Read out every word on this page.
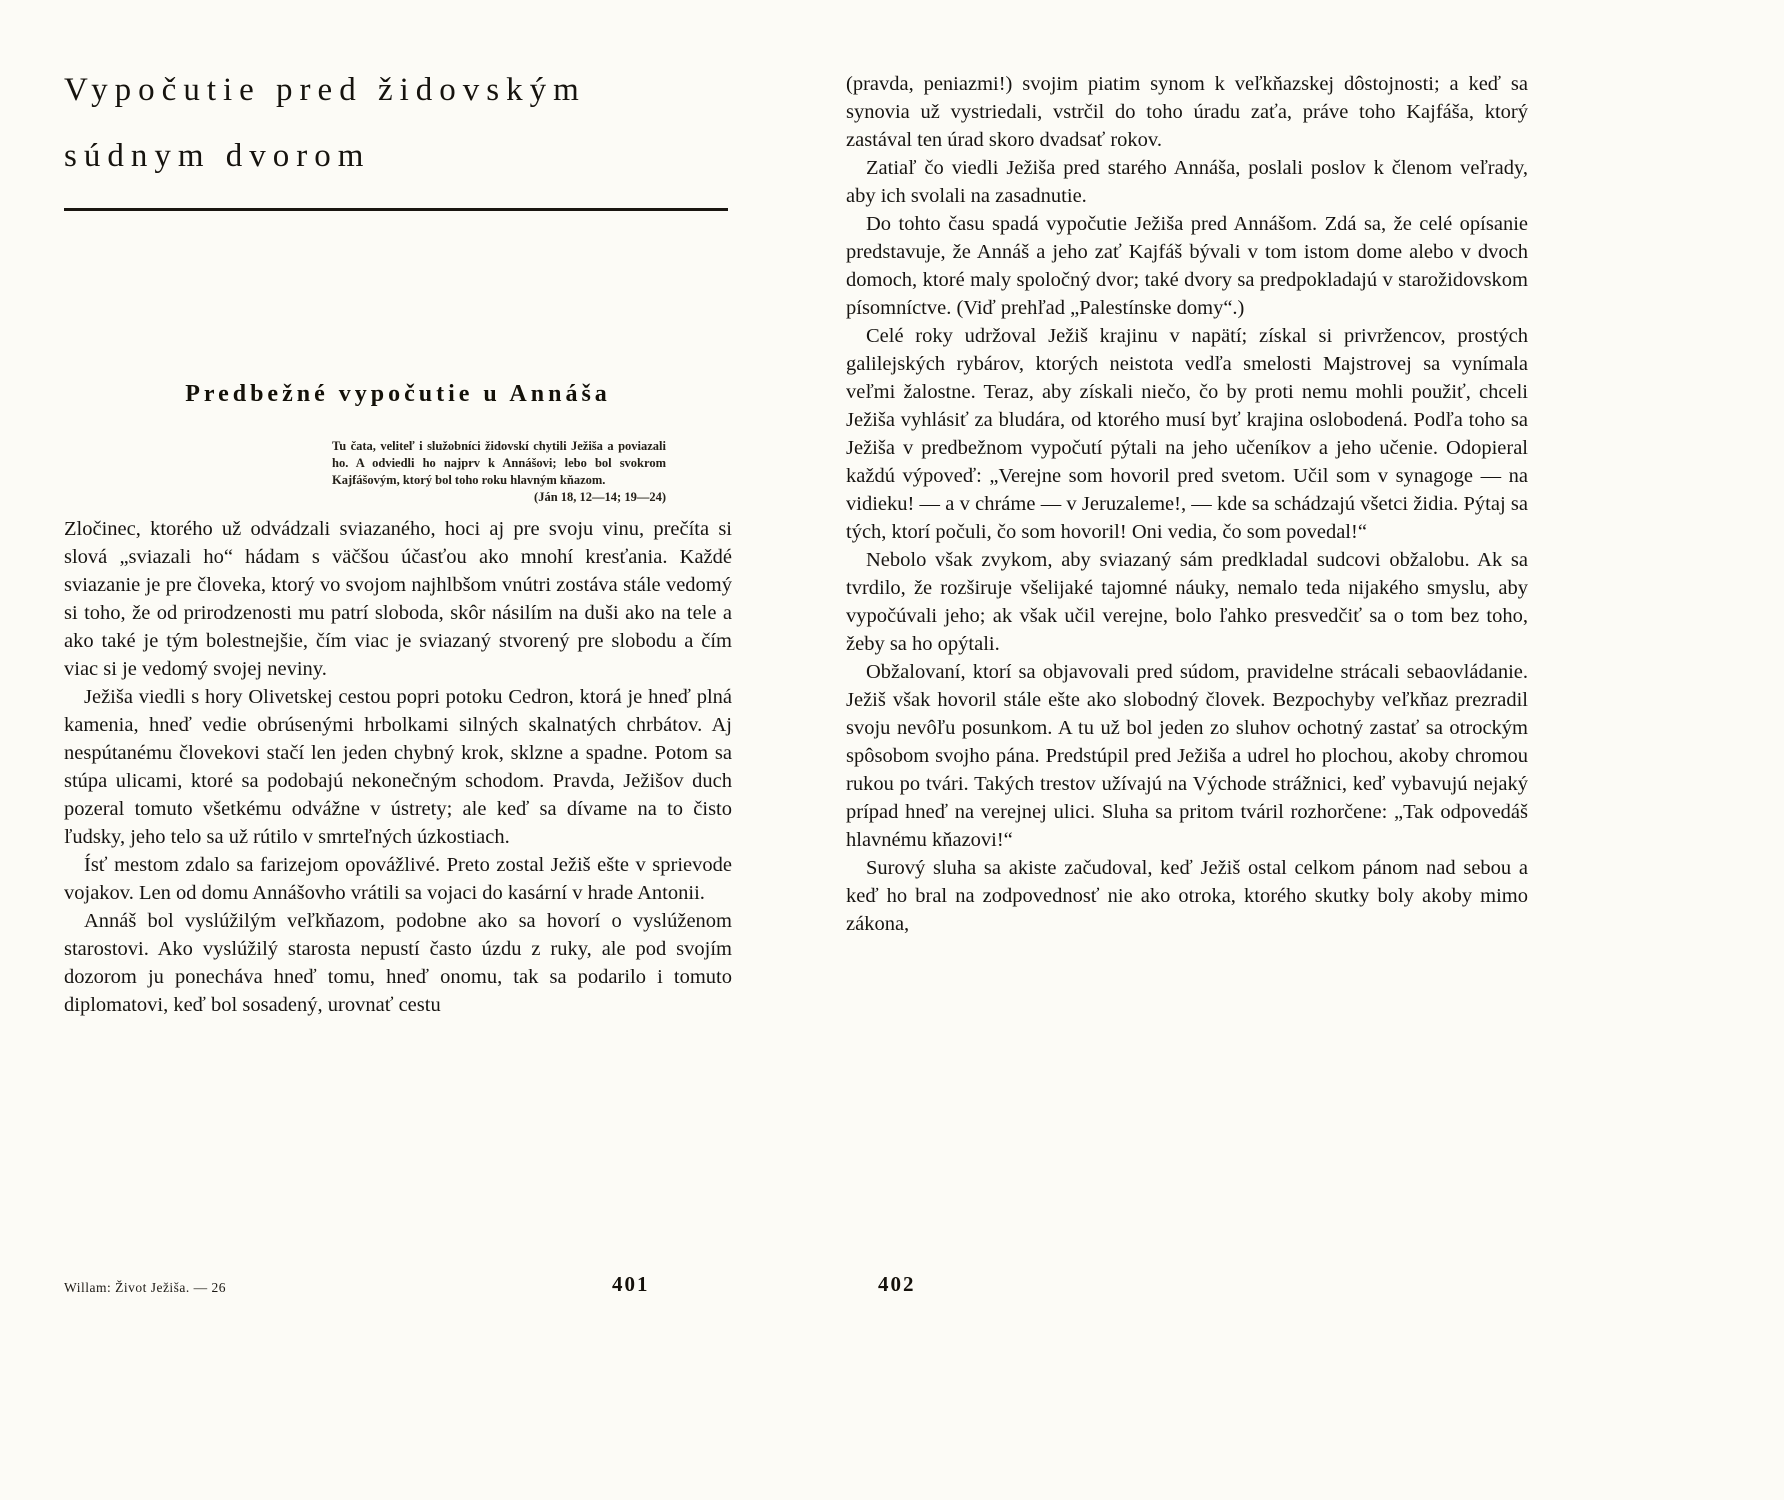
Vypočutie pred židovským
súdnym dvorom
Predbežné vypočutie u Annáša
Tu čata, veliteľ i služobníci židovskí chytili Ježiša a poviazali ho. A odviedli ho najprv k Annášovi; lebo bol svokrom Kajfášovým, ktorý bol toho roku hlavným kňazom.
(Ján 18, 12—14; 19—24)

Zločinec, ktorého už odvádzali sviazaného, hoci aj pre svoju vinu, prečíta si slová „sviazali ho“ hádam s väčšou účasťou ako mnohí kresťania. Každé sviazanie je pre človeka, ktorý vo svojom najhlbšom vnútri zostáva stále vedomý si toho, že od prirodzenosti mu patrí sloboda, skôr násilím na duši ako na tele a ako také je tým bolestnejšie, čím viac je sviazaný stvorený pre slobodu a čím viac si je vedomý svojej neviny.

Ježiša viedli s hory Olivetskej cestou popri potoku Cedron, ktorá je hneď plná kamenia, hneď vedie obrúsenými hrbolkami silných skalnatých chrbátov. Aj nespútanému človekovi stačí len jeden chybný krok, sklzne a spadne. Potom sa stúpa ulicami, ktoré sa podobajú nekonečným schodom. Pravda, Ježišov duch pozeral tomuto všetkému odvážne v ústrety; ale keď sa dívame na to čisto ľudsky, jeho telo sa už rútilo v smrteľných úzkostiach.

Ísť mestom zdalo sa farizejom opovážlivé. Preto zostal Ježiš ešte v sprievode vojakov. Len od domu Annášovho vrátili sa vojaci do kasární v hrade Antonii.

Annáš bol vyslúžilým veľkňazom, podobne ako sa hovorí o vyslúženom starostovi. Ako vyslúžilý starosta nepustí často úzdu z ruky, ale pod svojím dozorom ju ponecháva hneď tomu, hneď onomu, tak sa podarilo i tomuto diplomatovi, keď bol sosadený, urovnať cestu

(pravda, peniazmi!) svojim piatim synom k veľkňazskej dôstojnosti; a keď sa synovia už vystriedali, vstrčil do toho úradu zaťa, práve toho Kajfáša, ktorý zastával ten úrad skoro dvadsať rokov.

Zatiaľ čo viedli Ježiša pred starého Annáša, poslali poslov k členom veľrady, aby ich svolali na zasadnutie.

Do tohto času spadá vypočutie Ježiša pred Annášom. Zdá sa, že celé opísanie predstavuje, že Annáš a jeho zať Kajfáš bývali v tom istom dome alebo v dvoch domoch, ktoré maly spoločný dvor; také dvory sa predpokladajú v starožidovskom písomníctve. (Viď prehľad „Palestínske domy“.)

Celé roky udržoval Ježiš krajinu v napätí; získal si privržencov, prostých galilejských rybárov, ktorých neistota vedľa smelosti Majstrovej sa vynímala veľmi žalostne. Teraz, aby získali niečo, čo by proti nemu mohli použiť, chceli Ježiša vyhlásiť za bludára, od ktorého musí byť krajina oslobodená. Podľa toho sa Ježiša v predbežnom vypočutí pýtali na jeho učeníkov a jeho učenie. Odopieral každú výpoveď: „Verejne som hovoril pred svetom. Učil som v synagoge — na vidieku! — a v chráme — v Jeruzaleme!, — kde sa schádzajú všetci židia. Pýtaj sa tých, ktorí počuli, čo som hovoril! Oni vedia, čo som povedal!“

Nebolo však zvykom, aby sviazaný sám predkladal sudcovi obžalobu. Ak sa tvrdilo, že rozširuje všelijaké tajomné náuky, nemalo teda nijakého smyslu, aby vypočúvali jeho; ak však učil verejne, bolo ľahko presvedčiť sa o tom bez toho, žeby sa ho opýtali.

Obžalovaní, ktorí sa objavovali pred súdom, pravidelne strácali sebaovládanie. Ježiš však hovoril stále ešte ako slobodný človek. Bezpochyby veľkňaz prezradil svoju nevôľu posunkom. A tu už bol jeden zo sluhov ochotný zastať sa otrockým spôsobom svojho pána. Predstúpil pred Ježiša a udrel ho plochou, akoby chromou rukou po tvári. Takých trestov užívajú na Východe strážnici, keď vybavujú nejaký prípad hneď na verejnej ulici. Sluha sa pritom tváril rozhorčene: „Tak odpovedáš hlavnému kňazovi!“

Surový sluha sa akiste začudoval, keď Ježiš ostal celkom pánom nad sebou a keď ho bral na zodpovednosť nie ako otroka, ktorého skutky boly akoby mimo zákona,

Willam: Život Ježiša. — 26	401	402
